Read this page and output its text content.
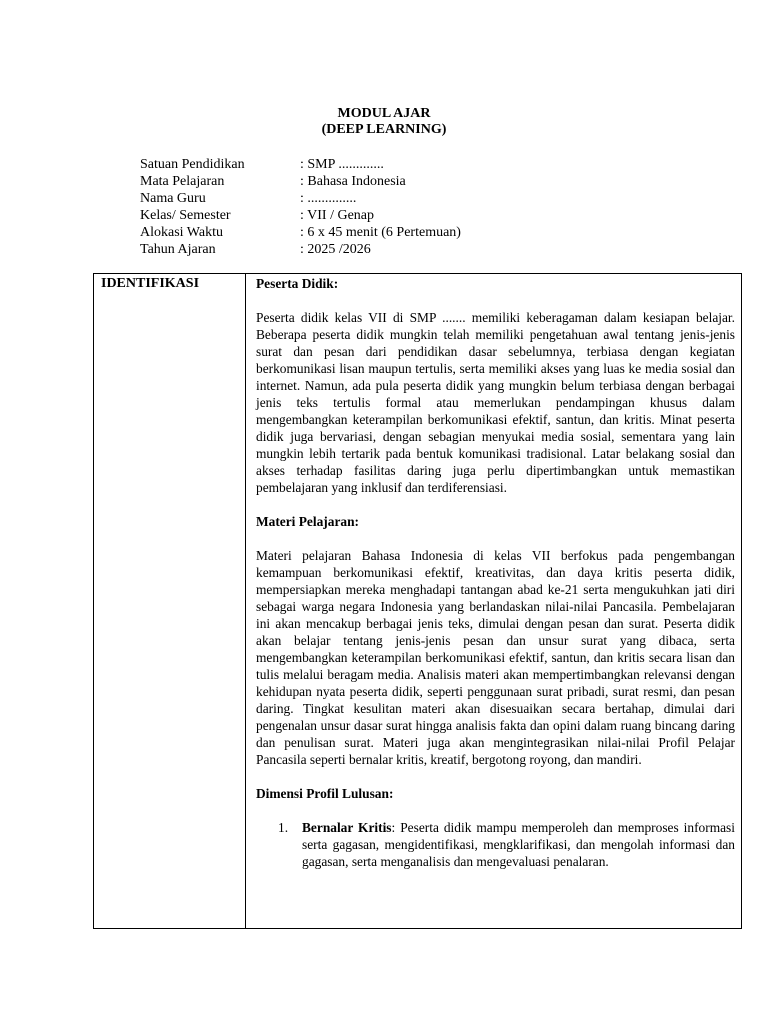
MODUL AJAR
(DEEP LEARNING)
Satuan Pendidikan	: SMP .............
Mata Pelajaran	: Bahasa Indonesia
Nama Guru	: ..............
Kelas/ Semester	: VII / Genap
Alokasi Waktu	: 6 x 45 menit (6 Pertemuan)
Tahun Ajaran	: 2025 /2026
IDENTIFIKASI	Peserta Didik:

Peserta didik kelas VII di SMP ....... memiliki keberagaman dalam kesiapan belajar. Beberapa peserta didik mungkin telah memiliki pengetahuan awal tentang jenis-jenis surat dan pesan dari pendidikan dasar sebelumnya, terbiasa dengan kegiatan berkomunikasi lisan maupun tertulis, serta memiliki akses yang luas ke media sosial dan internet. Namun, ada pula peserta didik yang mungkin belum terbiasa dengan berbagai jenis teks tertulis formal atau memerlukan pendampingan khusus dalam mengembangkan keterampilan berkomunikasi efektif, santun, dan kritis. Minat peserta didik juga bervariasi, dengan sebagian menyukai media sosial, sementara yang lain mungkin lebih tertarik pada bentuk komunikasi tradisional. Latar belakang sosial dan akses terhadap fasilitas daring juga perlu dipertimbangkan untuk memastikan pembelajaran yang inklusif dan terdiferensiasi.

Materi Pelajaran:

Materi pelajaran Bahasa Indonesia di kelas VII berfokus pada pengembangan kemampuan berkomunikasi efektif, kreativitas, dan daya kritis peserta didik, mempersiapkan mereka menghadapi tantangan abad ke-21 serta mengukuhkan jati diri sebagai warga negara Indonesia yang berlandaskan nilai-nilai Pancasila. Pembelajaran ini akan mencakup berbagai jenis teks, dimulai dengan pesan dan surat. Peserta didik akan belajar tentang jenis-jenis pesan dan unsur surat yang dibaca, serta mengembangkan keterampilan berkomunikasi efektif, santun, dan kritis secara lisan dan tulis melalui beragam media. Analisis materi akan mempertimbangkan relevansi dengan kehidupan nyata peserta didik, seperti penggunaan surat pribadi, surat resmi, dan pesan daring. Tingkat kesulitan materi akan disesuaikan secara bertahap, dimulai dari pengenalan unsur dasar surat hingga analisis fakta dan opini dalam ruang bincang daring dan penulisan surat. Materi juga akan mengintegrasikan nilai-nilai Profil Pelajar Pancasila seperti bernalar kritis, kreatif, bergotong royong, dan mandiri.

Dimensi Profil Lulusan:

1. Bernalar Kritis: Peserta didik mampu memperoleh dan memproses informasi serta gagasan, mengidentifikasi, mengklarifikasi, dan mengolah informasi dan gagasan, serta menganalisis dan mengevaluasi penalaran.
